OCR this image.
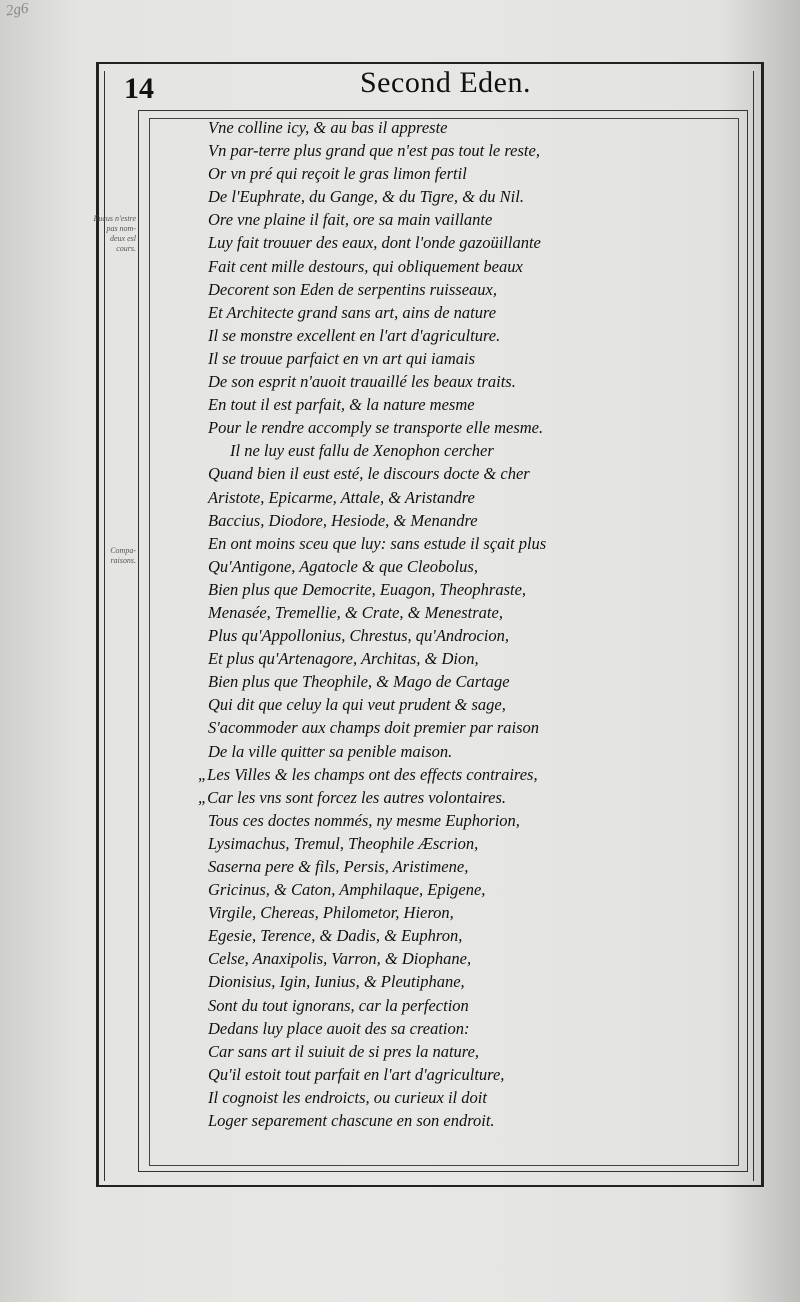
2g6
14	Second Eden.
Eucus n'estre pas nom- deux esl cours.
Compa- raisons.
Vne colline icy, & au bas il appreste
Vn par-terre plus grand que n'est pas tout le reste,
Or vn pré qui reçoit le gras limon fertil
De l'Euphrate, du Gange, & du Tigre, & du Nil.
Ore vne plaine il fait, ore sa main vaillante
Luy fait trouuer des eaux, dont l'onde gazoüillante
Fait cent mille destours, qui obliquement beaux
Decorent son Eden de serpentins ruisseaux,
Et Architecte grand sans art, ains de nature
Il se monstre excellent en l'art d'agriculture.
Il se trouue parfaict en vn art qui iamais
De son esprit n'auoit trauaillé les beaux traits.
En tout il est parfait, & la nature mesme
Pour le rendre accomply se transporte elle mesme.
Il ne luy eust fallu de Xenophon cercher
Quand bien il eust esté, le discours docte & cher
Aristote, Epicarme, Attale, & Aristandre
Baccius, Diodore, Hesiode, & Menandre
En ont moins sceu que luy: sans estude il sçait plus
Qu'Antigone, Agatocle & que Cleobolus,
Bien plus que Democrite, Euagon, Theophraste,
Menasée, Tremellie, & Crate, & Menestrate,
Plus qu'Appollonius, Chrestus, qu'Androcion,
Et plus qu'Artenagore, Architas, & Dion,
Bien plus que Theophile, & Mago de Cartage
Qui dit que celuy la qui veut prudent & sage,
S'acommoder aux champs doit premier par raison
De la ville quitter sa penible maison.
„Les Villes & les champs ont des effects contraires,
„Car les vns sont forcez les autres volontaires.
Tous ces doctes nommés, ny mesme Euphorion,
Lysimachus, Tremul, Theophile Æscrion,
Saserna pere & fils, Persis, Aristimene,
Gricinus, & Caton, Amphilaque, Epigene,
Virgile, Chereas, Philometor, Hieron,
Egesie, Terence, & Dadis, & Euphron,
Celse, Anaxipolis, Varron, & Diophane,
Dionisius, Igin, Iunius, & Pleutiphane,
Sont du tout ignorans, car la perfection
Dedans luy place auoit des sa creation:
Car sans art il suiuit de si pres la nature,
Qu'il estoit tout parfait en l'art d'agriculture,
Il cognoist les endroicts, ou curieux il doit
Loger separement chascune en son endroit.
